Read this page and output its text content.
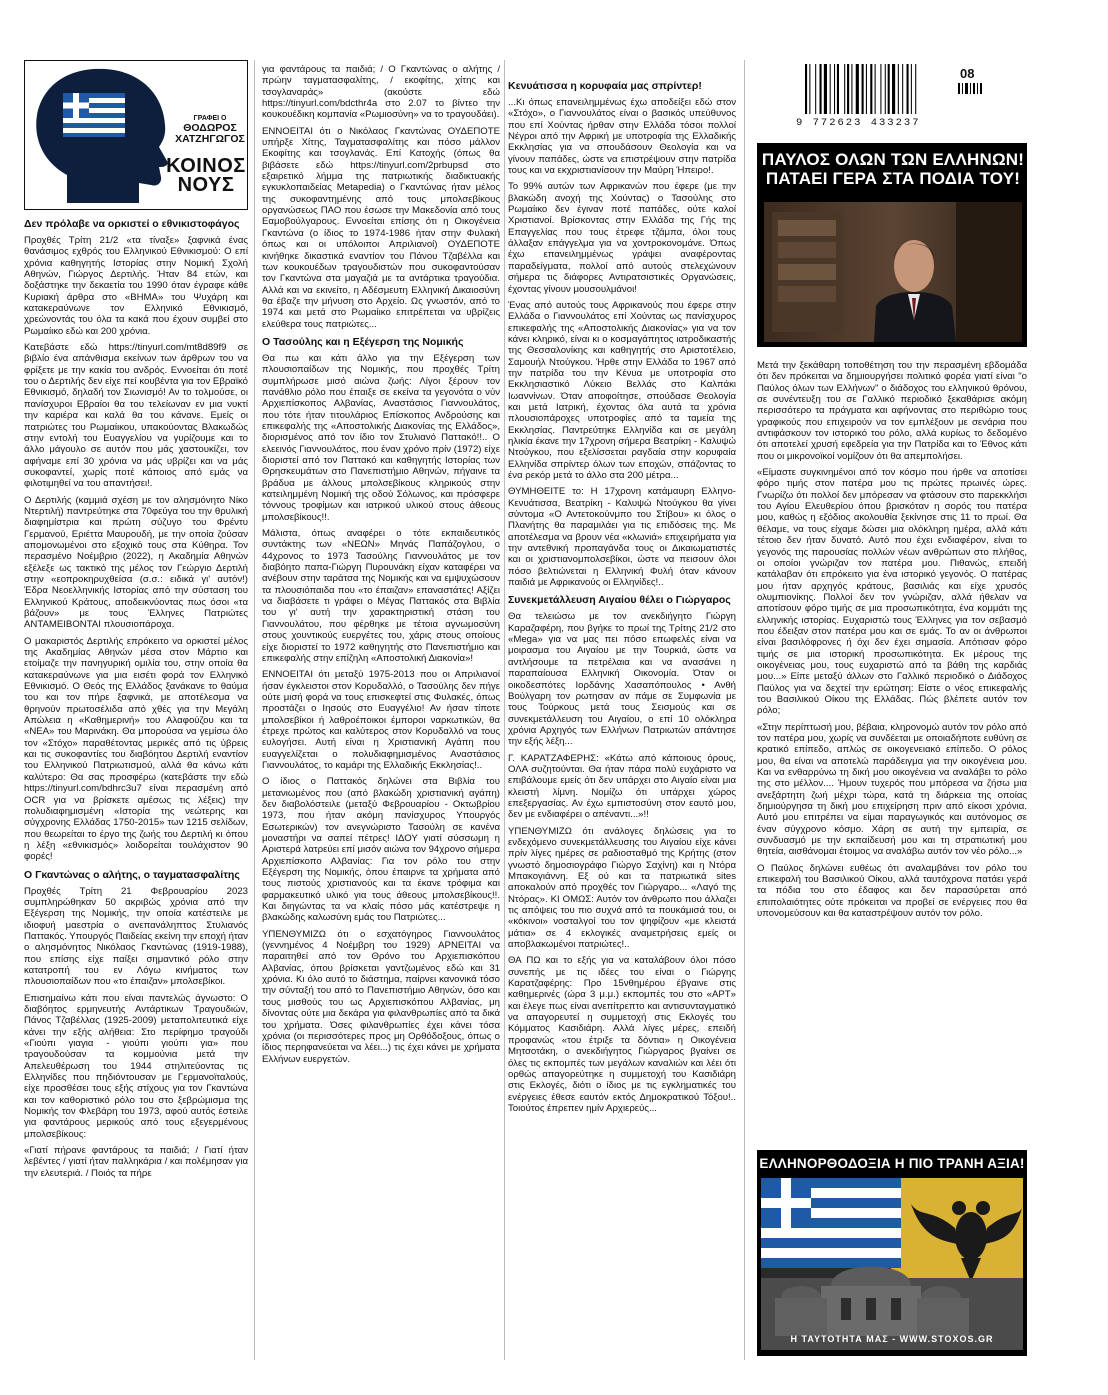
ΓΡΑΦΕΙ Ο
ΘΟΔΩΡΟΣ
ΧΑΤΖΗΓΩΓΟΣ
ΚΟΙΝΟΣ
ΝΟΥΣ
Δεν πρόλαβε να ορκιστεί ο εθνικιστοφάγος

Προχθές Τρίτη 21/2 «τα τίναξε» ξαφνικά ένας θανάσιμος εχθρός του Ελληνικού Εθνικισμού: Ο επί χρόνια καθηγητής Ιστορίας στην Νομική Σχολή Αθηνών, Γιώργος Δερτιλής. Ήταν 84 ετών, και δοξάστηκε την δεκαετία του 1990 όταν έγραφε κάθε Κυριακή άρθρα στο «ΒΗΜΑ» του Ψυχάρη και κατακεραύνωνε τον Ελληνικό Εθνικισμό, χρεώνοντάς του όλα τα κακά που έχουν συμβεί στο Ρωμαίικο εδώ και 200 χρόνια.

Κατεβάστε εδώ https://tinyurl.com/mt8d89f9 σε βιβλίο ένα απάνθισμα εκείνων των άρθρων του να φρίξετε με την κακία του ανδρός. Εννοείται ότι ποτέ του ο Δερτιλής δεν είχε πεί κουβέντα για τον Εβραϊκό Εθνικισμό, δηλαδή τον Σιωνισμό! Αν το τολμούσε, οι πανίσχυροι Εβραίοι θα του τελείωναν εν μια νυκτί την καριέρα και καλά θα του κάνανε. Εμείς οι πατριώτες του Ρωμαίικου, υπακούοντας Βλακωδώς στην εντολή του Ευαγγελίου να γυρίζουμε και το άλλο μάγουλο σε αυτόν που μάς χαστουκίζει, τον αφήναμε επί 30 χρόνια να μάς υβρίζει και να μάς συκοφαντεί, χωρίς ποτέ κάποιος από εμάς να φιλοτιμηθεί να του απαντήσει!.

Ο Δερτιλής (καμμιά σχέση με τον αλησμόνητο Νίκο Ντερτιλή) παντρεύτηκε στα 70φεύγα του την θρυλική διαφημίστρια και πρώτη σύζυγο του Φρέντυ Γερμανού, Εριέττα Μαυρουδή, με την οποία ζούσαν απομονωμένοι στο εξοχικό τους στα Κύθηρα. Τον περασμένο Νοέμβριο (2022), η Ακαδημία Αθηνών εξέλεξε ως τακτικό της μέλος τον Γεώργιο Δερτιλή στην «εοπροκηρυχθείσα (σ.σ.: ειδικά γι' αυτόν!) Έδρα Νεοελληνικής Ιστορίας από την σύσταση του Ελληνικού Κράτους, αποδεικνύοντας πως όσοι «τα βάζουν» με τους Έλληνες Πατριώτες ΑΝΤΑΜΕΙΒΟΝΤΑΙ πλουσιοπάροχα.

Ο μακαριστός Δερτιλής επρόκειτο να ορκιστεί μέλος της Ακαδημίας Αθηνών μέσα στον Μάρτιο και ετοίμαζε την πανηγυρική ομιλία του, στην οποία θα κατακεραύνωνε για μια εισέτι φορά τον Ελληνικό Εθνικισμό. Ο Θεός της Ελλάδος ξανάκανε το θαύμα του και τον πήρε ξαφνικά, με αποτέλεσμα να θρηνούν πρωτοσέλιδα από χθές για την Μεγάλη Απώλεια η «Καθημερινή» του Αλαφούζου και τα «ΝΕΑ» του Μαρινάκη. Θα μπορούσα να γεμίσω όλο τον «Στόχο» παραθέτοντας μερικές από τις ύβρεις και τις συκοφαντίες του διαβόητου Δερτιλή εναντίον του Ελληνικού Πατριωτισμού, αλλά θα κάνω κάτι καλύτερο: Θα σας προσφέρω (κατεβάστε την εδώ https://tinyurl.com/bdhrc3u7 είναι περασμένη από OCR για να βρίσκετε αμέσως τις λέξεις) την πολυδιαφημισμένη «Ιστορία της νεώτερης και σύγχρονης Ελλάδας 1750-2015» των 1215 σελίδων, που θεωρείται το έργο της ζωής του Δερτιλή κι όπου η λέξη «εθνικισμός» λοιδορείται τουλάχιστον 90 φορές!

Ο Γκαντώνας ο αλήτης, ο ταγματασφαλίτης

Προχθές Τρίτη 21 Φεβρουαρίου 2023 συμπληρώθηκαν 50 ακριβώς χρόνια από την Εξέγερση της Νομικής, την οποία κατέστειλε με ιδιοφυή μαεστρία ο ανεπανάληπτος Στυλιανός Παττακός. Υπουργός Παιδείας εκείνη την εποχή ήταν ο αλησμόνητος Νικόλαος Γκαντώνας (1919-1988), που επίσης είχε παίξει σημαντικό ρόλο στην κατατροπή του εν Λόγω κινήματος των πλουσιοπαίδων που «το έπαιζαν» μπολσεβίκοι.

Επισημαίνω κάτι που είναι παντελώς άγνωστο: Ο διαβόητος ερμηνευτής Αντάρτικων Τραγουδιών, Πάνος Τζαβέλλας (1925-2009) μεταπολιτευτικά είχε κάνει την εξής αλήθεια: Στο περίφημο τραγούδι «Γιούπι γιαγια - γιούπι γιούπι για» που τραγουδούσαν τα κομμούνια μετά την Απελευθέρωση του 1944 στηλιτεύοντας τις Ελληνίδες που πηδιόντουσαν με Γερμανοϊταλούς, είχε προσθέσει τους εξής στίχους για τον Γκαντώνα και τον καθοριστικό ρόλο του στο ξεβρώμισμα της Νομικής τον Φλεβάρη του 1973, αφού αυτός έστειλε για φαντάρους μερικούς από τους εξεγερμένους μπολσεβίκους:

«Γιατί πήρανε φαντάρους τα παιδιά; / Γιατί ήταν λεβέντες / γιατί ήταν παλληκάρια / και πολέμησαν για την ελευτεριά. / Ποιός τα πήρε

για φαντάρους τα παιδιά; / Ο Γκαντώνας ο αλήτης / πρώην ταγματασφαλίτης, / εκοφίτης, χίτης και τσογλαναράς» (ακούστε εδώ https://tinyurl.com/bdcthr4a στο 2.07 το βίντεο την κουκουέδικη κομπανία «Ρωμιοσύνη» να το τραγουδάει).

ΕΝΝΟΕΙΤΑΙ ότι ο Νικόλαος Γκαντώνας ΟΥΔΕΠΟΤΕ υπήρξε Χίτης, Ταγματασφαλίτης και πόσο μάλλον Εκοφίτης και τσογλανάς. Επί Κατοχής (όπως θα βιβάσετε εδώ https://tinyurl.com/2prbupsd στο εξαιρετικό λήμμα της πατριωτικής διαδικτυακής εγκυκλοπαιδείας Metapedia) ο Γκαντώνας ήταν μέλος της συκοφαντημένης από τους μπολσεβίκους οργανώσεως ΠΑΟ που έσωσε την Μακεδονία από τους Εαμοβούλγαρους. Εννοείται επίσης ότι η Οικογένεια Γκαντώνα (ο ίδιος το 1974-1986 ήταν στην Φυλακή όπως και οι υπόλοιποι Απριλιανοί) ΟΥΔΕΠΟΤΕ κινήθηκε δικαστικά εναντίον του Πάνου Τζαβέλλα και των κουκουέδων τραγουδιστών που συκοφαντούσαν τον Γκαντώνα στα μαγαζιά με τα αντάρτικα τραγούδια. Αλλά και να εκινείτο, η Αδέσμευτη Ελληνική Δικαιοσύνη θα έβαζε την μήνυση στο Αρχείο. Ως γνωστόν, από το 1974 και μετά στο Ρωμαίικο επιτρέπεται να υβρίζεις ελεύθερα τους πατριώτες...

Ο Τασούλης και η Εξέγερση της Νομικής

Θα πω και κάτι άλλο για την Εξέγερση των πλουσιοπαίδων της Νομικής, που προχθές Τρίτη συμπλήρωσε μισό αιώνα ζωής: Λίγοι ξέρουν τον πανάθλιο ρόλο που έπαιξε σε εκείνα τα γεγονότα ο νύν Αρχιεπίσκοπος Αλβανίας, Αναστάσιος Γιαννουλάτος, που τότε ήταν τιτουλάριος Επίσκοπος Ανδρούσης και επικεφαλής της «Αποστολικής Διακονίας της Ελλάδος», διορισμένος από τον ίδιο τον Στυλιανό Παττακό!!.. Ο ελεεινός Γιαννουλάτος, που έναν χρόνο πρίν (1972) είχε διοριστεί από τον Παττακό και καθηγητής Ιστορίας των Θρησκευμάτων στο Πανεπιστήμιο Αθηνών, πήγαινε τα βράδυα με άλλους μπολσεβίκους κληρικούς στην κατειλημμένη Νομική της οδού Σόλωνος, και πρόσφερε τόννους τροφίμων και ιατρικού υλικού στους άθεους μπολσεβίκους!!.

Μάλιστα, όπως αναφέρει ο τότε εκπαιδευτικός συντάκτης των «ΝΕΩΝ» Μηνάς Παπάζογλου, ο 44χρονος το 1973 Τασούλης Γιαννουλάτος με τον διαβόητο παπα-Γιώργη Πυρουνάκη είχαν καταφέρει να ανέβουν στην ταράτσα της Νομικής και να εμψυχώσουν τα πλουσιόπαιδα που «το έπαιζαν» επαναστάτες! Αξίζει να διαβάσετε τι γράφει ο Μέγας Παττακός στα Βιβλία του γι' αυτή την χαρακτηριστική στάση του Γιαννουλάτου, που φέρθηκε με τέτοια αγνωμοσύνη στους χουντικούς ευεργέτες του, χάρις στους οποίους είχε διοριστεί το 1972 καθηγητής στο Πανεπιστήμιο και επικεφαλής στην επίζηλη «Αποστολική Διακονία»!

ΕΝΝΟΕΙΤΑΙ ότι μεταξύ 1975-2013 που οι Απριλιανοί ήσαν έγκλειστοι στον Κορυδαλλό, ο Τασούλης δεν πήγε ούτε μισή φορά να τους επισκεφτεί στις Φυλακές, όπως προστάζει ο Ιησούς στο Ευαγγέλιο! Αν ήσαν τίποτε μπολσεβίκοι ή λαθροέποικοι έμποροι ναρκωτικών, θα έτρεχε πρώτος και καλύτερος στον Κορυδαλλό να τους ευλογήσει. Αυτή είναι η Χριστιανική Αγάπη που ευαγγελίζεται ο πολυδιαφημισμένος Αναστάσιος Γιαννουλάτος, το καμάρι της Ελλαδικής Εκκλησίας!..

Ο ίδιος ο Παττακός δηλώνει στα Βιβλία του μετανιωμένος που (από βλακώδη χριστιανική αγάπη) δεν διαβολόστειλε (μεταξύ Φεβρουαρίου - Οκτωβρίου 1973, που ήταν ακόμη πανίσχυρος Υπουργός Εσωτερικών) τον ανεγνώριστο Τασούλη σε κανένα μοναστήρι να σαπεί πέτρες! ΙΔΟΥ γιατί σύσσωμη η Αριστερά λατρεύει επί μισόν αιώνα τον 94χρονο σήμερα Αρχιεπίσκοπο Αλβανίας: Για τον ρόλο του στην Εξέγερση της Νομικής, όπου έπαιρνε τα χρήματα από τους πιστούς χριστιανούς και τα έκανε τρόφιμα και φαρμακευτικό υλικό για τους άθεους μπολσεβίκους!!. Και διηγώντας τα να κλαίς πόσο μάς κατέστρεψε η βλακώδης καλωσύνη εμάς του Πατριώτες...

ΥΠΕΝΘΥΜΙΖΩ ότι ο εσχατόγηρος Γιαννουλάτος (γεννημένος 4 Νοέμβρη του 1929) ΑΡΝΕΙΤΑΙ να παραιτηθεί από τον Θρόνο του Αρχιεπισκόπου Αλβανίας, όπου βρίσκεται γαντζωμένος εδώ και 31 χρόνια. Κι όλο αυτό το διάστημα, παίρνει κανονικά τόσο την σύνταξή του από το Πανεπιστήμιο Αθηνών, όσο και τους μισθούς του ως Αρχιεπισκόπου Αλβανίας, μη δίνοντας ούτε μια δεκάρα για φιλανθρωπίες από τα δικά του χρήματα. Όσες φιλανθρωπίες έχει κάνει τόσα χρόνια (οι περισσότερες προς μη Ορθόδοξους, όπως ο ίδιος περηφανεύεται να λέει...) τις έχει κάνει με χρήματα Ελλήνων ευεργετών.

Κενυάτισσα η κορυφαία μας σπρίντερ!

...Κι όπως επανειλημμένως έχω αποδείξει εδώ στον «Στόχο», ο Γιαννουλάτος είναι ο βασικός υπεύθυνος που επί Χούντας ήρθαν στην Ελλάδα τόσοι πολλοί Νέγροι από την Αφρική με υποτροφία της Ελλαδικής Εκκλησίας για να σπουδάσουν Θεολογία και να γίνουν παπάδες, ώστε να επιστρέψουν στην πατρίδα τους και να εκχριστιανίσουν την Μαύρη Ήπειρο!.

Το 99% αυτών των Αφρικανών που έφερε (με την βλακώδη ανοχή της Χούντας) ο Τασούλης στο Ρωμαίικο δεν έγιναν ποτέ παπάδες, ούτε καλοί Χριστιανοί. Βρίσκοντας στην Ελλάδα της Γής της Επαγγελίας που τους έτρεφε τζάμπα, όλοι τους άλλαξαν επάγγελμα για να χοντροκονομάνε. Όπως έχω επανειλημμένως γράψει αναφέροντας παραδείγματα, πολλοί από αυτούς στελεχώνουν σήμερα τις διάφορες Αντιρατσιστικές Οργανώσεις, έχοντας γίνουν μουσουλμάνοι!

Ένας από αυτούς τους Αφρικανούς που έφερε στην Ελλάδα ο Γιαννουλάτος επί Χούντας ως πανίσχυρος επικεφαλής της «Αποστολικής Διακονίας» για να τον κάνει κληρικό, είναι κι ο κοσμαγάπητος ιατροδικαστής της Θεσσαλονίκης και καθηγητής στο Αριστοτέλειο, Σαμουήλ Ντούγκου. Ήρθε στην Ελλάδα το 1967 από την πατρίδα του την Κένυα με υποτροφία στο Εκκλησιαστικό Λύκειο Βελλάς στο Καλπάκι Ιωαννίνων. Όταν αποφοίτησε, σπούδασε Θεολογία και μετά Ιατρική, έχοντας όλα αυτά τα χρόνια πλουσιοπάροχες υποτροφίες από τα ταμεία της Εκκλησίας. Παντρεύτηκε Ελληνίδα και σε μεγάλη ηλικία έκανε την 17χρονη σήμερα Βεατρίκη - Καλυψώ Ντούγκου, που εξελίσσεται ραγδαία στην κορυφαία Ελληνίδα σπρίντερ όλων των εποχών, σπάζοντας το ένα ρεκόρ μετά το άλλο στα 200 μέτρα...

ΘΥΜΗΘΕΙΤΕ το: Η 17χρονη κατάμαυρη Ελληνο-Κενυάτισσα, Βεατρίκη - Καλυψώ Ντούγκου θα γίνει σύντομα «Ο Αντετοκούνμπο του Στίβου» κι όλος ο Πλανήτης θα παραμιλάει για τις επιδόσεις της. Με αποτέλεσμα να βρουν νέα «κλωνιά» επιχειρήματα για την αντεθνική προπαγάνδα τους οι Δικαιωματιστές και οι χριστιανομπολσεβίκοι, ώστε να πεισουν όλοι πόσο βελτιώνεται η Ελληνική Φυλή όταν κάνουν παιδιά με Αφρικανούς οι Ελληνίδες!..

Συνεκμετάλλευση Αιγαίου θέλει ο Γιώργαρος

Θα τελειώσω με τον ανεκδιήγητο Γιώργη Καραζαφέρη, που βγήκε το πρωί της Τρίτης 21/2 στο «Mega» για να μας πει πόσο επωφελές είναι να μοιρασμα του Αιγαίου με την Τουρκιά, ώστε να αντλήσουμε τα πετρέλαια και να ανασάνει η παραπαίουσα Ελληνική Οικονομία. Όταν οι οικοδεσπότες Ιορδάνης Χασαπόπουλος • Ανθή Βούλγαρη τον ρωτησαν αν πάμε σε Συμφωνία με τους Τούρκους μετά τους Σεισμούς και σε συνεκμετάλλευση του Αιγαίου, ο επί 10 ολόκληρα χρόνια Αρχηγός των Ελλήνων Πατριωτών απάντησε την εξής λέξη...

Γ. ΚΑΡΑΤΖΑΦΕΡΗΣ: «Κάτω από κάποιους όρους, ΟΛΑ συζητούνται. Θα ήταν πάρα πολύ ευχάριστο να επιβάλουμε εμείς ότι δεν υπάρχει στο Αιγαίο είναι μια κλειστή λίμνη. Νομίζω ότι υπάρχει χώρος επεξεργασίας. Αν έχω εμπιστοσύνη στον εαυτό μου, δεν με ενδιαφέρει ο απέναντι...»!!

ΥΠΕΝΘΥΜΙΖΩ ότι ανάλογες δηλώσεις για το ενδεχόμενο συνεκμετάλλευσης του Αιγαίου είχε κάνει πρίν λίγες ημέρες σε ραδιοσταθμό της Κρήτης (στον γνωστό δημοσιογράφο Γιώργο Σαχίνη) και η Ντόρα Μπακογιάννη. Εξ ού και τα πατριωτικά sites αποκαλούν από προχθές τον Γιώργαρο... «Λαγό της Ντόρας». ΚΙ ΟΜΩΣ: Αυτόν τον άνθρωπο που άλλαζει τις απόψεις του πιο συχνά από τα πουκάμισά του, οι «κόκινοι» νοσταλγοί του τον ψηφίζουν «με κλειστά μάτια» σε 4 εκλογικές αναμετρήσεις εμείς οι αποβλακωμένοι πατριώτες!..

ΘΑ ΠΩ και το εξής για να καταλάβουν όλοι πόσο συνεπής με τις ιδέες του είναι ο Γιώργης Καρατζαφέρης: Προ 15νθημέρου έβγαινε στις καθημερινές (ώρα 3 μ.μ.) εκπομπές του στο «ΑΡΤ» και έλεγε πως είναι ανεπίτρεπτο και αντισυνταγματικό να απαγορευτεί η συμμετοχή στις Εκλογές του Κόμματος Κασιδιάρη. Αλλά λίγες μέρες, επειδή προφανώς «του έτριξε τα δόντια» η Οικογένεια Μητσοτάκη, ο ανεκδιήγητος Γιώργαρος βγαίνει σε όλες τις εκπομπές των μεγάλων καναλιών και λέει ότι ορθώς απαγορεύτηκε η συμμετοχή του Κασιδιάρη στις Εκλογές, διότι ο ίδιος με τις εγκληματικές του ενέργειες έθεσε εαυτόν εκτός Δημοκρατικού Τόξου!.. Τοιούτος έπρεπεν ημίν Αρχιερεύς...

9 772623 433237
08
ΠΑΥΛΟΣ ΟΛΩΝ ΤΩΝ ΕΛΛΗΝΩΝ!
ΠΑΤΑΕΙ ΓΕΡΑ ΣΤΑ ΠΟΔΙΑ ΤΟΥ!

Μετά την ξεκάθαρη τοποθέτηση του την περασμένη εβδομάδα ότι δεν πρόκειται να δημιουργήσει πολιτικό φορέα γιατί είναι "ο Παύλος όλων των Ελλήνων" ο διάδοχος του ελληνικού θρόνου, σε συνέντευξη του σε Γαλλικό περιοδικό ξεκαθάρισε ακόμη περισσότερο τα πράγματα και αφήνοντας στο περιθώριο τους γραφικούς που επιχειρούν να τον εμπλέξουν με σενάρια που αντιφάσκουν τον ιστορικό του ρόλο, αλλά κυρίως το δεδομένο ότι αποτελεί χρυσή εφεδρεία για την Πατρίδα και το Έθνος κάτι που οι μικρονοϊκοί νομίζουν ότι θα απεμπολήσει.

«Είμαστε συγκινημένοι από τον κόσμο που ήρθε να αποτίσει φόρο τιμής στον πατέρα μου τις πρώτες πρωινές ώρες. Γνωρίζω ότι πολλοί δεν μπόρεσαν να φτάσουν στο παρεκκλήσι του Αγίου Ελευθερίου όπου βρισκόταν η σορός του πατέρα μου, καθώς η εξόδιος ακολουθία ξεκίνησε στις 11 το πρωί. Θα θέλαμε, να τους είχαμε δώσει μια ολόκληρη ημέρα, αλλά κάτι τέτοιο δεν ήταν δυνατό. Αυτό που έχει ενδιαφέρον, είναι το γεγονός της παρουσίας πολλών νέων ανθρώπων στο πλήθος, οι οποίοι γνώριζαν τον πατέρα μου. Πιθανώς, επειδή κατάλαβαν ότι επρόκειτο για ένα ιστορικό γεγονός. Ο πατέρας μου ήταν αρχηγός κράτους, βασιλιάς και είχε χρυσός ολυμπιονίκης. Πολλοί δεν τον γνώριζαν, αλλά ήθελαν να αποτίσουν φόρο τιμής σε μια προσωπικότητα, ένα κομμάτι της ελληνικής ιστορίας. Ευχαριστώ τους Έλληνες για τον σεβασμό που έδειξαν στον πατέρα μου και σε εμάς. Το αν οι άνθρωποι είναι βασιλόφρονες ή όχι δεν έχει σημασία. Απότισαν φόρο τιμής σε μια ιστορική προσωπικότητα. Εκ μέρους της οικογένειας μου, τους ευχαριστώ από τα βάθη της καρδιάς μου...» Είπε μεταξύ άλλων στο Γαλλικό περιοδικό ο Διάδοχος Παύλος για να δεχτεί την ερώτηση: Είστε ο νέος επικεφαλής του Βασιλικού Οίκου της Ελλάδας. Πώς βλέπετε αυτόν τον ρόλο;

«Στην περίπτωσή μου, βέβαια, κληρονομώ αυτόν τον ρόλο από τον πατέρα μου, χωρίς να συνδέεται με οποιαδήποτε ευθύνη σε κρατικό επίπεδο, απλώς σε οικογενειακό επίπεδο. Ο ρόλος μου, θα είναι να αποτελώ παράδειγμα για την οικογένεια μου. Και να ενθαρρύνω τη δική μου οικογένεια να αναλάβει το ρόλο της στο μέλλον.... Ήμουν τυχερός που μπόρεσα να ζήσω μια ανεξάρτητη ζωή μέχρι τώρα, κατά τη διάρκεια της οποίας δημιούργησα τη δική μου επιχείρηση πριν από είκοσι χρόνια. Αυτό μου επιτρέπει να είμαι παραγωγικός και αυτόνομος σε έναν σύγχρονο κόσμο. Χάρη σε αυτή την εμπειρία, σε συνδυασμό με την εκπαίδευσή μου και τη στρατιωτική μου θητεία, αισθάνομαι έτοιμος να αναλάβω αυτόν τον νέο ρόλο...»

Ο Παύλος δηλώνει ευθέως ότι αναλαμβάνει τον ρόλο του επικεφαλή του Βασιλικού Οίκου, αλλά ταυτόχρονα πατάει γερά τα πόδια του στο έδαφος και δεν παρασύρεται από επιπολαιότητες ούτε πρόκειται να προβεί σε ενέργειες που θα υπονομεύσουν και θα καταστρέψουν αυτόν τον ρόλο.

ΕΛΛΗΝΟΡΘΟΔΟΞΙΑ Η ΠΙΟ ΤΡΑΝΗ ΑΞΙΑ!
Η ΤΑΥΤΟΤΗΤΑ ΜΑΣ - WWW.STOXOS.GR
